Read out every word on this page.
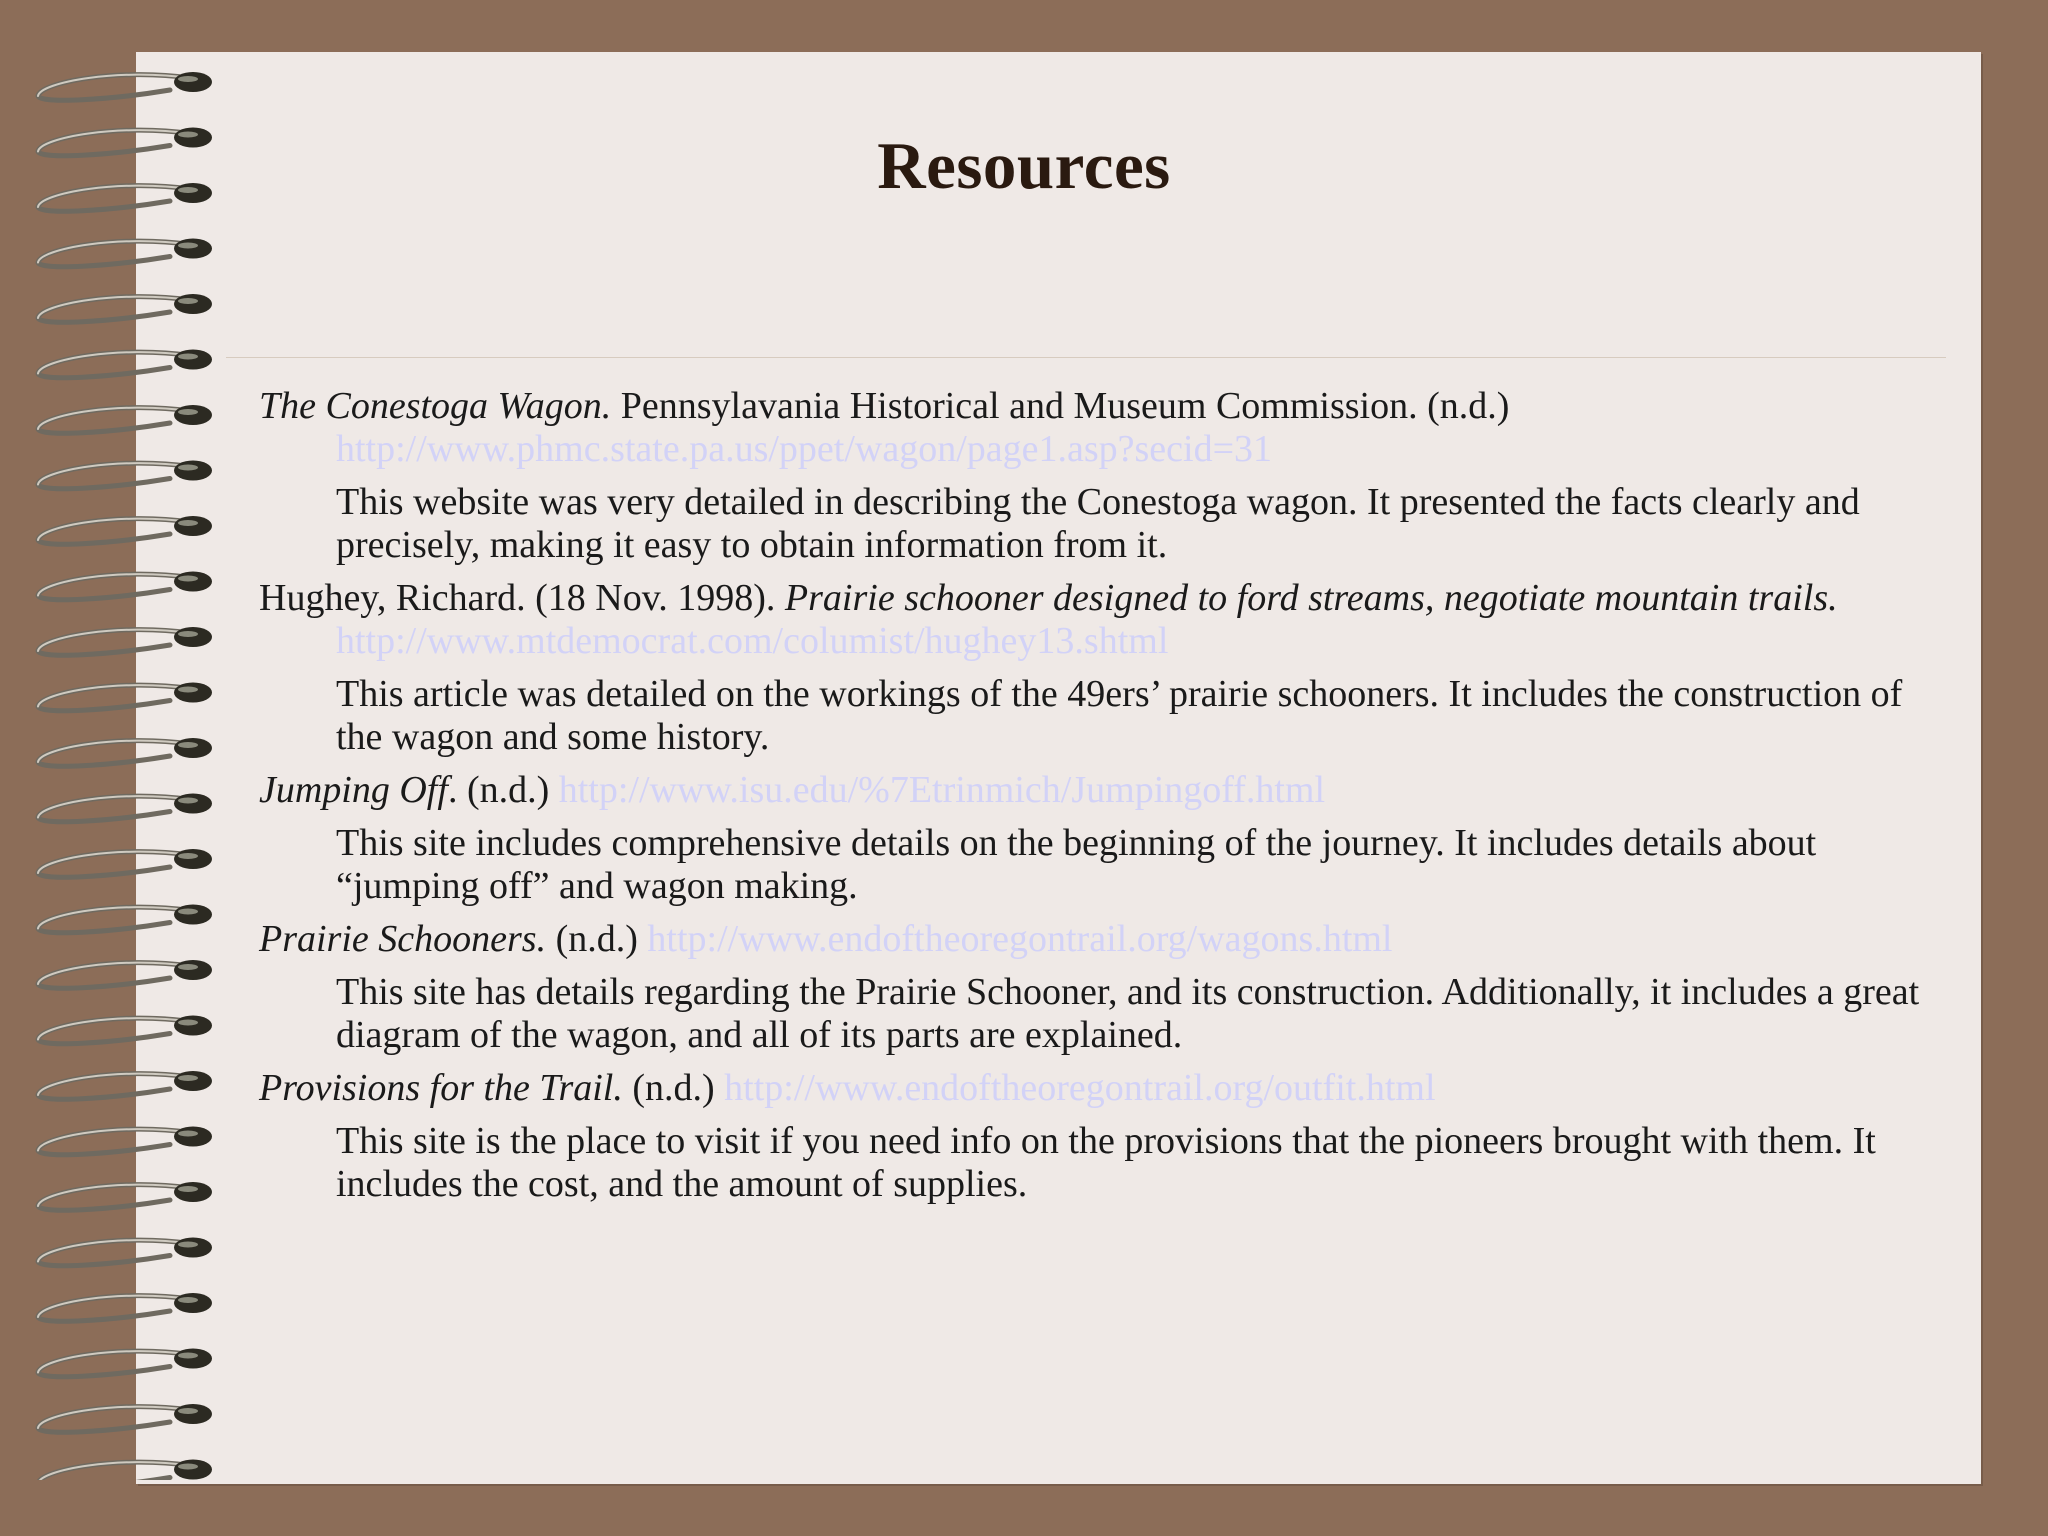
Resources

The Conestoga Wagon. Pennsylavania Historical and Museum Commission. (n.d.) http://www.phmc.state.pa.us/ppet/wagon/page1.asp?secid=31

This website was very detailed in describing the Conestoga wagon. It presented the facts clearly and precisely, making it easy to obtain information from it.

Hughey, Richard. (18 Nov. 1998). Prairie schooner designed to ford streams, negotiate mountain trails. http://www.mtdemocrat.com/columist/hughey13.shtml

This article was detailed on the workings of the 49ers’ prairie schooners. It includes the construction of the wagon and some history.

Jumping Off. (n.d.) http://www.isu.edu/%7Etrinmich/Jumpingoff.html

This site includes comprehensive details on the beginning of the journey. It includes details about “jumping off” and wagon making.

Prairie Schooners. (n.d.) http://www.endoftheoregontrail.org/wagons.html

This site has details regarding the Prairie Schooner, and its construction. Additionally, it includes a great diagram of the wagon, and all of its parts are explained.

Provisions for the Trail. (n.d.) http://www.endoftheoregontrail.org/outfit.html

This site is the place to visit if you need info on the provisions that the pioneers brought with them. It includes the cost, and the amount of supplies.
